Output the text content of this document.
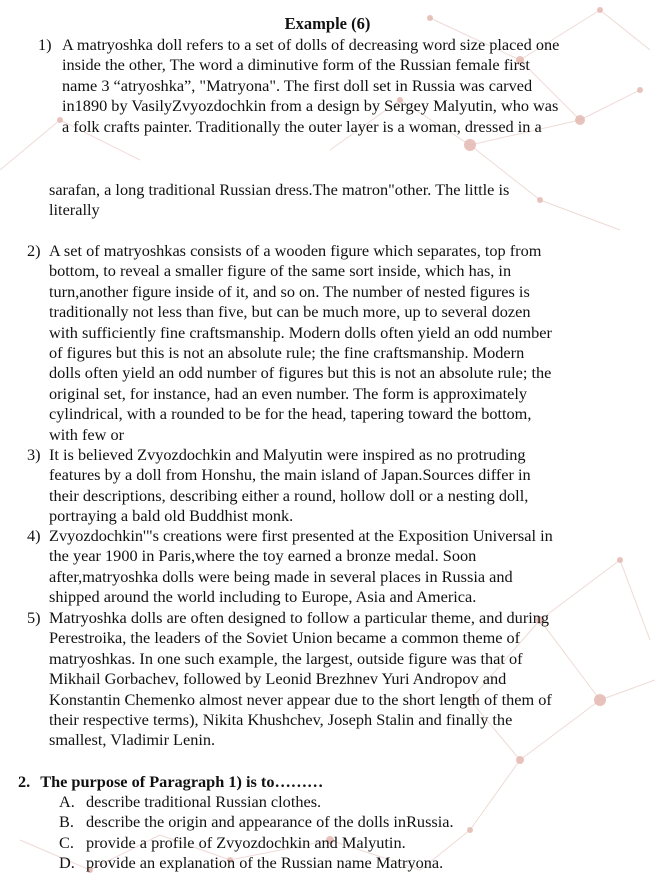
Example (6)
1) A matryoshka doll refers to a set of dolls of decreasing word size placed one
inside the other, The word a diminutive form of the Russian female first
name 3 “atryoshka”, "Matryona". The first doll set in Russia was carved
in1890 by VasilyZvyozdochkin from a design by Sergey Malyutin, who was
a folk crafts painter. Traditionally the outer layer is a woman, dressed in a
sarafan, a long traditional Russian dress.The matron"other. The little is
literally
2) A set of matryoshkas consists of a wooden figure which separates, top from
bottom, to reveal a smaller figure of the same sort inside, which has, in
turn,another figure inside of it, and so on. The number of nested figures is
traditionally not less than five, but can be much more, up to several dozen
with sufficiently fine craftsmanship. Modern dolls often yield an odd number
of figures but this is not an absolute rule; the fine craftsmanship. Modern
dolls often yield an odd number of figures but this is not an absolute rule; the
original set, for instance, had an even number. The form is approximately
cylindrical, with a rounded to be for the head, tapering toward the bottom,
with few or
3) It is believed Zvyozdochkin and Malyutin were inspired as no protruding
features by a doll from Honshu, the main island of Japan.Sources differ in
their descriptions, describing either a round, hollow doll or a nesting doll,
portraying a bald old Buddhist monk.
4) Zvyozdochkin'"s creations were first presented at the Exposition Universal in
the year 1900 in Paris,where the toy earned a bronze medal. Soon
after,matryoshka dolls were being made in several places in Russia and
shipped around the world including to Europe, Asia and America.
5) Matryoshka dolls are often designed to follow a particular theme, and during
Perestroika, the leaders of the Soviet Union became a common theme of
matryoshkas. In one such example, the largest, outside figure was that of
Mikhail Gorbachev, followed by Leonid Brezhnev Yuri Andropov and
Konstantin Chemenko almost never appear due to the short length of them of
their respective terms), Nikita Khushchev, Joseph Stalin and finally the
smallest, Vladimir Lenin.
2. The purpose of Paragraph 1) is to………
A. describe traditional Russian clothes.
B. describe the origin and appearance of the dolls inRussia.
C. provide a profile of Zvyozdochkin and Malyutin.
D. provide an explanation of the Russian name Matryona.
